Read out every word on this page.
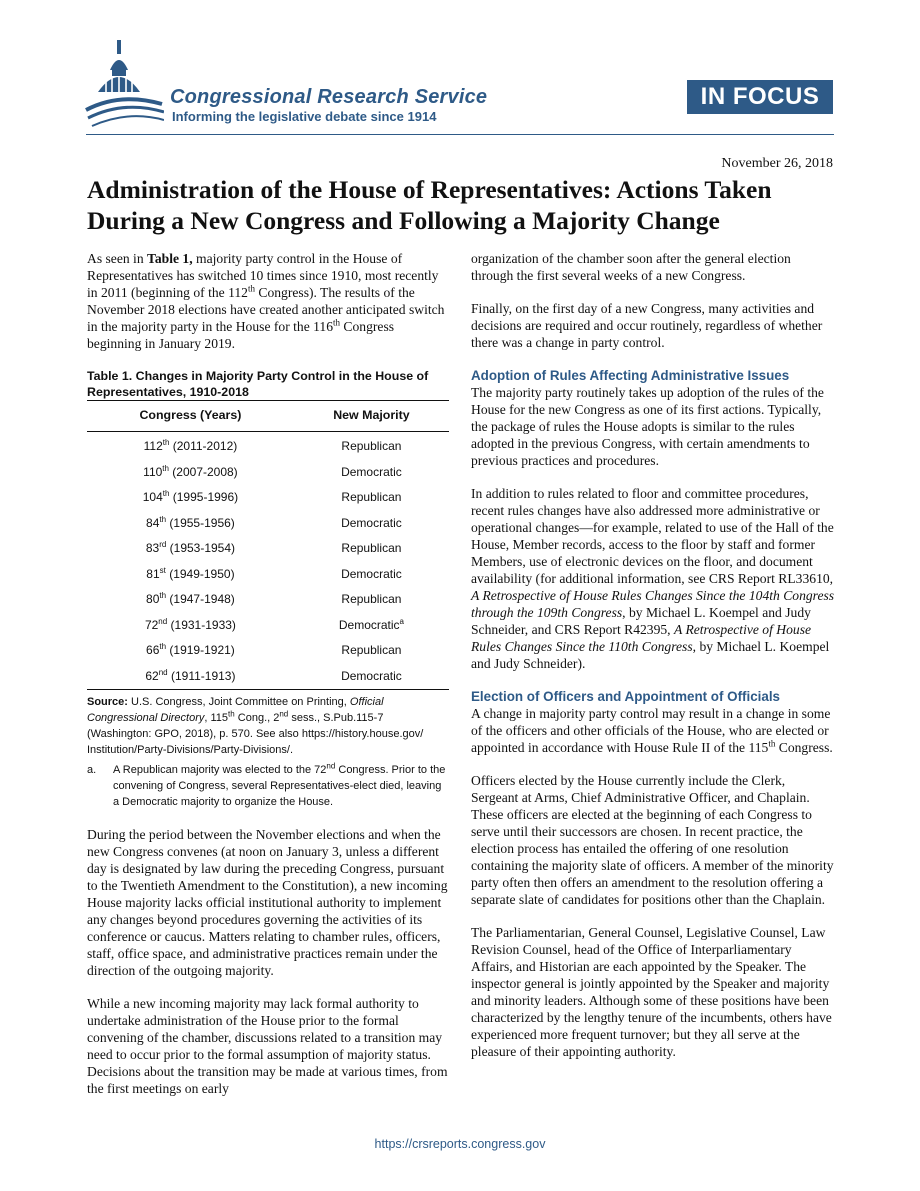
Congressional Research Service
Informing the legislative debate since 1914
IN FOCUS
November 26, 2018
Administration of the House of Representatives: Actions Taken During a New Congress and Following a Majority Change

As seen in Table 1, majority party control in the House of Representatives has switched 10 times since 1910, most recently in 2011 (beginning of the 112th Congress). The results of the November 2018 elections have created another anticipated switch in the majority party in the House for the 116th Congress beginning in January 2019.

Table 1. Changes in Majority Party Control in the House of Representatives, 1910-2018
Congress (Years)	New Majority
112th (2011-2012)	Republican
110th (2007-2008)	Democratic
104th (1995-1996)	Republican
84th (1955-1956)	Democratic
83rd (1953-1954)	Republican
81st (1949-1950)	Democratic
80th (1947-1948)	Republican
72nd (1931-1933)	Democratic$^a$
66th (1919-1921)	Republican
62nd (1911-1913)	Democratic
Source: U.S. Congress, Joint Committee on Printing, Official Congressional Directory, 115th Cong., 2nd sess., S.Pub.115-7 (Washington: GPO, 2018), p. 570. See also https://history.house.gov/ Institution/Party-Divisions/Party-Divisions/.
a.	A Republican majority was elected to the 72nd Congress. Prior to the convening of Congress, several Representatives-elect died, leaving a Democratic majority to organize the House.

During the period between the November elections and when the new Congress convenes (at noon on January 3, unless a different day is designated by law during the preceding Congress, pursuant to the Twentieth Amendment to the Constitution), a new incoming House majority lacks official institutional authority to implement any changes beyond procedures governing the activities of its conference or caucus. Matters relating to chamber rules, officers, staff, office space, and administrative practices remain under the direction of the outgoing majority.

While a new incoming majority may lack formal authority to undertake administration of the House prior to the formal convening of the chamber, discussions related to a transition may need to occur prior to the formal assumption of majority status. Decisions about the transition may be made at various times, from the first meetings on early

organization of the chamber soon after the general election through the first several weeks of a new Congress.

Finally, on the first day of a new Congress, many activities and decisions are required and occur routinely, regardless of whether there was a change in party control.

Adoption of Rules Affecting Administrative Issues

The majority party routinely takes up adoption of the rules of the House for the new Congress as one of its first actions. Typically, the package of rules the House adopts is similar to the rules adopted in the previous Congress, with certain amendments to previous practices and procedures.

In addition to rules related to floor and committee procedures, recent rules changes have also addressed more administrative or operational changes—for example, related to use of the Hall of the House, Member records, access to the floor by staff and former Members, use of electronic devices on the floor, and document availability (for additional information, see CRS Report RL33610, A Retrospective of House Rules Changes Since the 104th Congress through the 109th Congress, by Michael L. Koempel and Judy Schneider, and CRS Report R42395, A Retrospective of House Rules Changes Since the 110th Congress, by Michael L. Koempel and Judy Schneider).

Election of Officers and Appointment of Officials

A change in majority party control may result in a change in some of the officers and other officials of the House, who are elected or appointed in accordance with House Rule II of the 115th Congress.

Officers elected by the House currently include the Clerk, Sergeant at Arms, Chief Administrative Officer, and Chaplain. These officers are elected at the beginning of each Congress to serve until their successors are chosen. In recent practice, the election process has entailed the offering of one resolution containing the majority slate of officers. A member of the minority party often then offers an amendment to the resolution offering a separate slate of candidates for positions other than the Chaplain.

The Parliamentarian, General Counsel, Legislative Counsel, Law Revision Counsel, head of the Office of Interparliamentary Affairs, and Historian are each appointed by the Speaker. The inspector general is jointly appointed by the Speaker and majority and minority leaders. Although some of these positions have been characterized by the lengthy tenure of the incumbents, others have experienced more frequent turnover; but they all serve at the pleasure of their appointing authority.

https://crsreports.congress.gov
